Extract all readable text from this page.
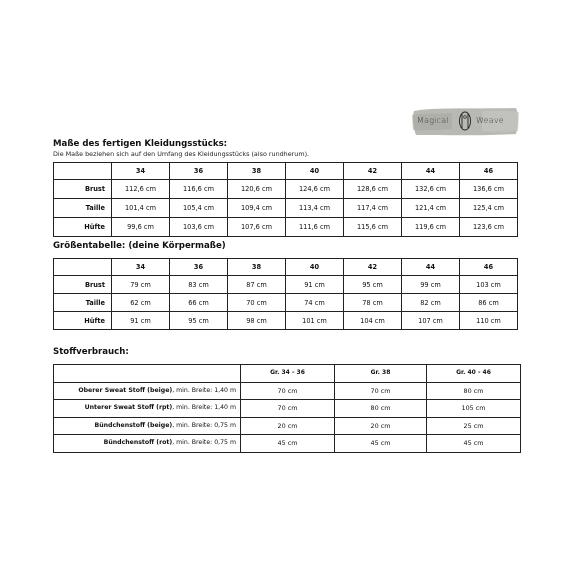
Magical	Weave
Maße des fertigen Kleidungsstücks:
Die Maße beziehen sich auf den Umfang des Kleidungsstücks (also rundherum).
	34	36	38	40	42	44	46
Brust	112,6 cm	116,6 cm	120,6 cm	124,6 cm	128,6 cm	132,6 cm	136,6 cm
Taille	101,4 cm	105,4 cm	109,4 cm	113,4 cm	117,4 cm	121,4 cm	125,4 cm
Hüfte	99,6 cm	103,6 cm	107,6 cm	111,6 cm	115,6 cm	119,6 cm	123,6 cm
Größentabelle: (deine Körpermaße)
	34	36	38	40	42	44	46
Brust	79 cm	83 cm	87 cm	91 cm	95 cm	99 cm	103 cm
Taille	62 cm	66 cm	70 cm	74 cm	78 cm	82 cm	86 cm
Hüfte	91 cm	95 cm	98 cm	101 cm	104 cm	107 cm	110 cm
Stoffverbrauch:
	Gr. 34 - 36	Gr. 38	Gr. 40 - 46
Oberer Sweat Stoff (beige), min. Breite: 1,40 m	70 cm	70 cm	80 cm
Unterer Sweat Stoff (rpt), min. Breite: 1,40 m	70 cm	80 cm	105 cm
Bündchenstoff (beige), min. Breite: 0,75 m	20 cm	20 cm	25 cm
Bündchenstoff (rot), min. Breite: 0,75 m	45 cm	45 cm	45 cm
